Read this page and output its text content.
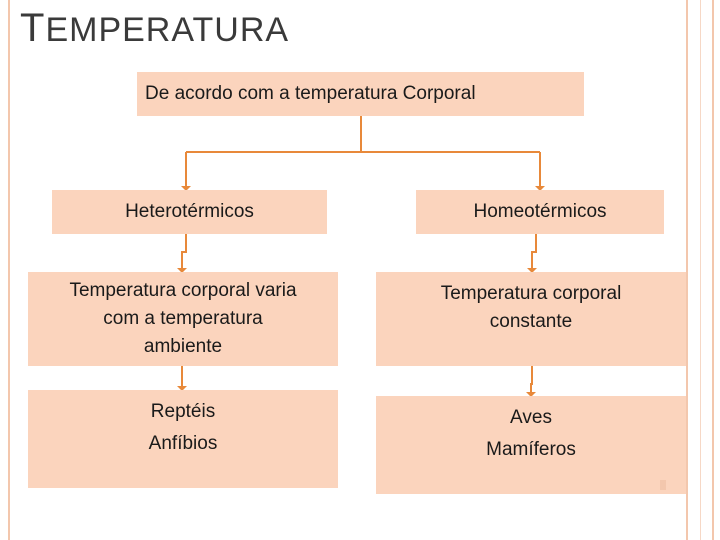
TEMPERATURA
De acordo com a temperatura Corporal
Heterotérmicos	Homeotérmicos
Temperatura corporal varia
com a temperatura
ambiente
Temperatura corporal
constante
Reptéis
Anfíbios
Aves
Mamíferos
